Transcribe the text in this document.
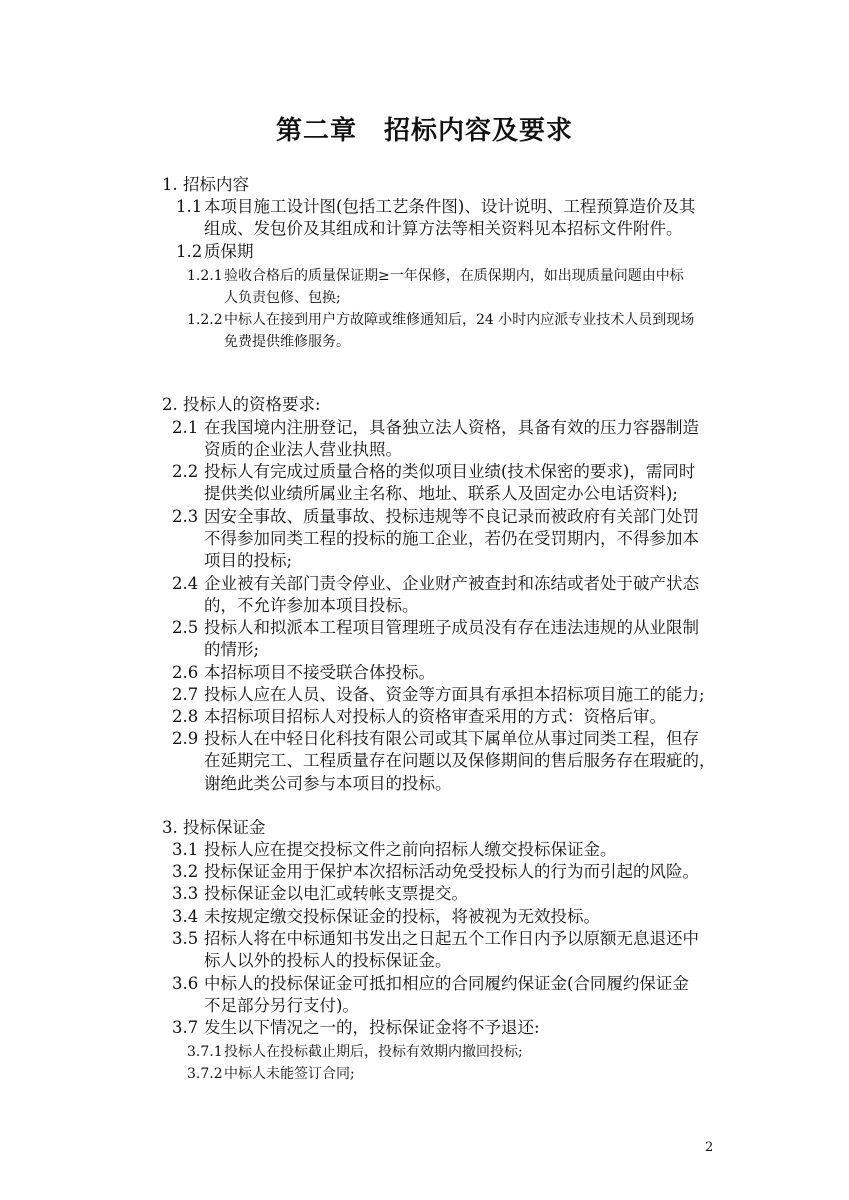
第二章　招标内容及要求
1. 招标内容
1.1 本项目施工设计图(包括工艺条件图)、设计说明、工程预算造价及其
组成、发包价及其组成和计算方法等相关资料见本招标文件附件。
1.2 质保期
1.2.1验收合格后的质量保证期≥一年保修，在质保期内，如出现质量问题由中标
人负责包修、包换;
1.2.2中标人在接到用户方故障或维修通知后，24 小时内应派专业技术人员到现场
免费提供维修服务。
2. 投标人的资格要求:
2.1 在我国境内注册登记，具备独立法人资格，具备有效的压力容器制造
资质的企业法人营业执照。
2.2 投标人有完成过质量合格的类似项目业绩(技术保密的要求)，需同时
提供类似业绩所属业主名称、地址、联系人及固定办公电话资料);
2.3 因安全事故、质量事故、投标违规等不良记录而被政府有关部门处罚
不得参加同类工程的投标的施工企业，若仍在受罚期内，不得参加本
项目的投标;
2.4 企业被有关部门责令停业、企业财产被查封和冻结或者处于破产状态
的，不允许参加本项目投标。
2.5 投标人和拟派本工程项目管理班子成员没有存在违法违规的从业限制
的情形;
2.6 本招标项目不接受联合体投标。
2.7 投标人应在人员、设备、资金等方面具有承担本招标项目施工的能力;
2.8 本招标项目招标人对投标人的资格审查采用的方式：资格后审。
2.9 投标人在中轻日化科技有限公司或其下属单位从事过同类工程，但存
在延期完工、工程质量存在问题以及保修期间的售后服务存在瑕疵的，
谢绝此类公司参与本项目的投标。
3. 投标保证金
3.1 投标人应在提交投标文件之前向招标人缴交投标保证金。
3.2 投标保证金用于保护本次招标活动免受投标人的行为而引起的风险。
3.3 投标保证金以电汇或转帐支票提交。
3.4 未按规定缴交投标保证金的投标，将被视为无效投标。
3.5 招标人将在中标通知书发出之日起五个工作日内予以原额无息退还中
标人以外的投标人的投标保证金。
3.6 中标人的投标保证金可抵扣相应的合同履约保证金(合同履约保证金
不足部分另行支付)。
3.7 发生以下情况之一的，投标保证金将不予退还:
3.7.1投标人在投标截止期后，投标有效期内撤回投标;
3.7.2中标人未能签订合同;
2
